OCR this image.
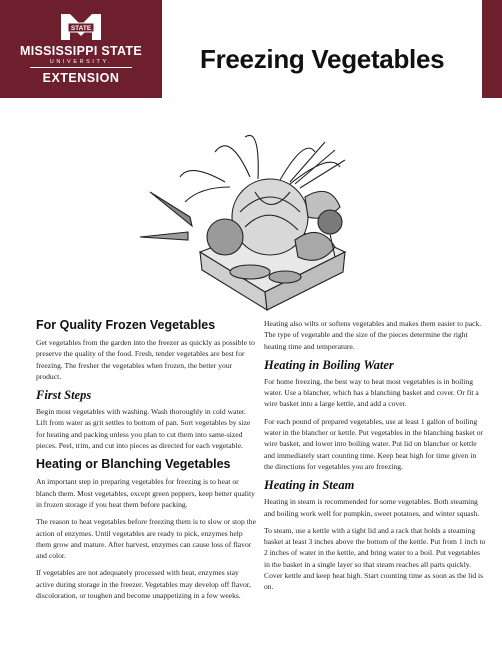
STATE
MISSISSIPPI STATE
UNIVERSITY.
EXTENSION
Freezing Vegetables
For Quality Frozen Vegetables

Get vegetables from the garden into the freezer as quickly as possible to preserve the quality of the food. Fresh, tender vegetables are best for freezing. The fresher the vegetables when frozen, the better your product.

First Steps

Begin most vegetables with washing. Wash thoroughly in cold water. Lift from water as grit settles to bottom of pan. Sort vegetables by size for heating and packing unless you plan to cut them into same-sized pieces. Peel, trim, and cut into pieces as directed for each vegetable.

Heating or Blanching Vegetables

An important step in preparing vegetables for freezing is to heat or blanch them. Most vegetables, except green peppers, keep better quality in frozen storage if you heat them before packing.

The reason to heat vegetables before freezing them is to slow or stop the action of enzymes. Until vegetables are ready to pick, enzymes help them grow and mature. After harvest, enzymes can cause loss of flavor and color.

If vegetables are not adequately processed with heat, enzymes stay active during storage in the freezer. Vegetables may develop off flavor, discoloration, or toughen and become unappetizing in a few weeks.

Heating also wilts or softens vegetables and makes them easier to pack. The type of vegetable and the size of the pieces determine the right heating time and temperature.

Heating in Boiling Water

For home freezing, the best way to heat most vegetables is in boiling water. Use a blancher, which has a blanching basket and cover. Or fit a wire basket into a large kettle, and add a cover.

For each pound of prepared vegetables, use at least 1 gallon of boiling water in the blancher or kettle. Put vegetables in the blanching basket or wire basket, and lower into boiling water. Put lid on blancher or kettle and immediately start counting time. Keep heat high for time given in the directions for vegetables you are freezing.

Heating in Steam

Heating in steam is recommended for some vegetables. Both steaming and boiling work well for pumpkin, sweet potatoes, and winter squash.

To steam, use a kettle with a tight lid and a rack that holds a steaming basket at least 3 inches above the bottom of the kettle. Put from 1 inch to 2 inches of water in the kettle, and bring water to a boil. Put vegetables in the basket in a single layer so that steam reaches all parts quickly. Cover kettle and keep heat high. Start counting time as soon as the lid is on.
